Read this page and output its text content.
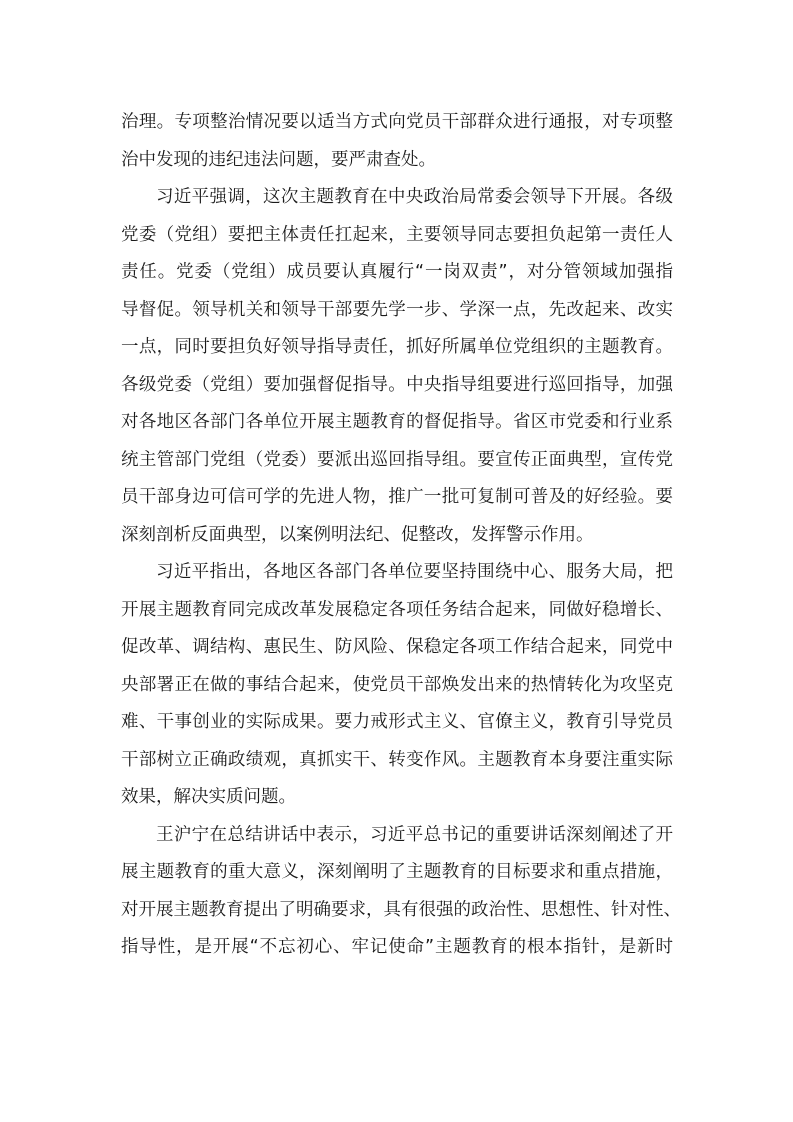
治理。专项整治情况要以适当方式向党员干部群众进行通报，对专项整
治中发现的违纪违法问题，要严肃查处。
习近平强调，这次主题教育在中央政治局常委会领导下开展。各级
党委（党组）要把主体责任扛起来，主要领导同志要担负起第一责任人
责任。党委（党组）成员要认真履行“一岗双责”，对分管领域加强指
导督促。领导机关和领导干部要先学一步、学深一点，先改起来、改实
一点，同时要担负好领导指导责任，抓好所属单位党组织的主题教育。
各级党委（党组）要加强督促指导。中央指导组要进行巡回指导，加强
对各地区各部门各单位开展主题教育的督促指导。省区市党委和行业系
统主管部门党组（党委）要派出巡回指导组。要宣传正面典型，宣传党
员干部身边可信可学的先进人物，推广一批可复制可普及的好经验。要
深刻剖析反面典型，以案例明法纪、促整改，发挥警示作用。
习近平指出，各地区各部门各单位要坚持围绕中心、服务大局，把
开展主题教育同完成改革发展稳定各项任务结合起来，同做好稳增长、
促改革、调结构、惠民生、防风险、保稳定各项工作结合起来，同党中
央部署正在做的事结合起来，使党员干部焕发出来的热情转化为攻坚克
难、干事创业的实际成果。要力戒形式主义、官僚主义，教育引导党员
干部树立正确政绩观，真抓实干、转变作风。主题教育本身要注重实际
效果，解决实质问题。
王沪宁在总结讲话中表示，习近平总书记的重要讲话深刻阐述了开
展主题教育的重大意义，深刻阐明了主题教育的目标要求和重点措施，
对开展主题教育提出了明确要求，具有很强的政治性、思想性、针对性、
指导性，是开展“不忘初心、牢记使命”主题教育的根本指针，是新时
